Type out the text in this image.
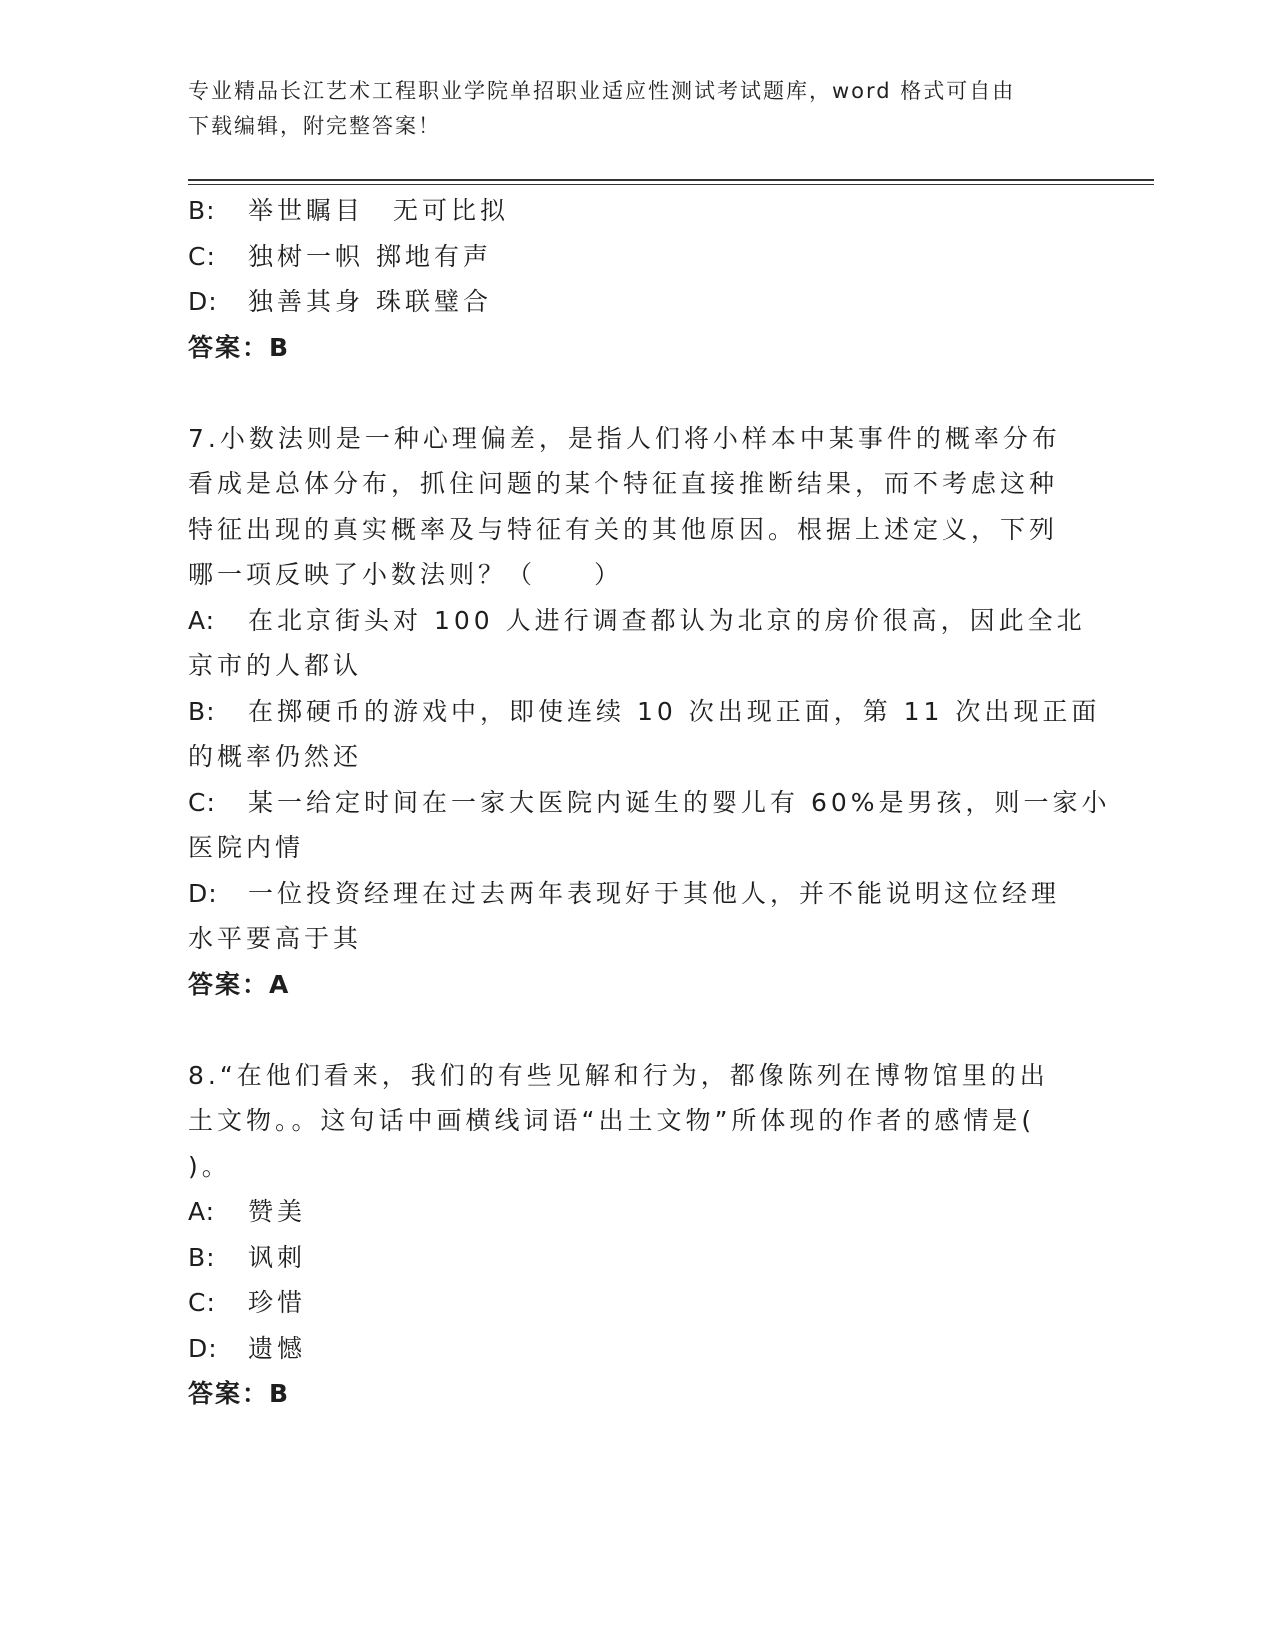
专业精品长江艺术工程职业学院单招职业适应性测试考试题库，word 格式可自由
下载编辑，附完整答案！
B: 举世瞩目　无可比拟
C: 独树一帜 掷地有声
D: 独善其身 珠联璧合
答案：B
7.小数法则是一种心理偏差，是指人们将小样本中某事件的概率分布
看成是总体分布，抓住问题的某个特征直接推断结果，而不考虑这种
特征出现的真实概率及与特征有关的其他原因。根据上述定义，下列
哪一项反映了小数法则？（　　）
A: 在北京街头对 100 人进行调查都认为北京的房价很高，因此全北
京市的人都认
B: 在掷硬币的游戏中，即使连续 10 次出现正面，第 11 次出现正面
的概率仍然还
C: 某一给定时间在一家大医院内诞生的婴儿有 60%是男孩，则一家小
医院内情
D: 一位投资经理在过去两年表现好于其他人，并不能说明这位经理
水平要高于其
答案：A
8.“在他们看来，我们的有些见解和行为，都像陈列在博物馆里的出
土文物。。这句话中画横线词语“出土文物”所体现的作者的感情是(
)。
A: 赞美
B: 讽刺
C: 珍惜
D: 遗憾
答案：B
